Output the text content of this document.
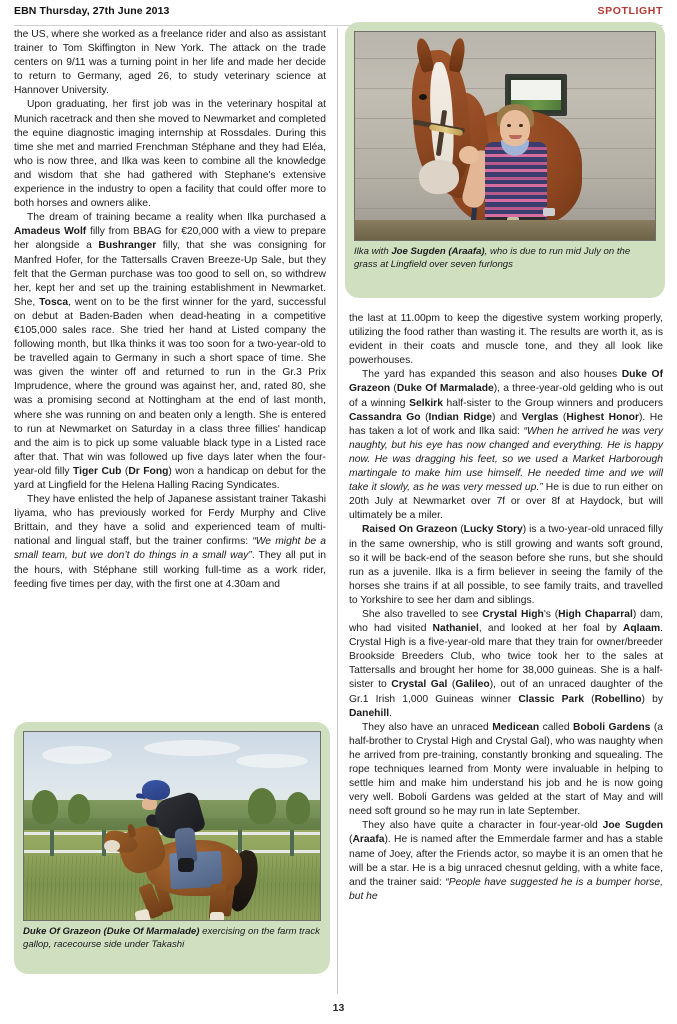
EBN Thursday, 27th June 2013	SPOTLIGHT

the US, where she worked as a freelance rider and also as assistant trainer to Tom Skiffington in New York. The attack on the trade centers on 9/11 was a turning point in her life and made her decide to return to Germany, aged 26, to study veterinary science at Hannover University.

Upon graduating, her first job was in the veterinary hospital at Munich racetrack and then she moved to Newmarket and completed the equine diagnostic imaging internship at Rossdales. During this time she met and married Frenchman Stéphane and they had Eléa, who is now three, and Ilka was keen to combine all the knowledge and wisdom that she had gathered with Stephane's extensive experience in the industry to open a facility that could offer more to both horses and owners alike.

The dream of training became a reality when Ilka purchased a Amadeus Wolf filly from BBAG for €20,000 with a view to prepare her alongside a Bushranger filly, that she was consigning for Manfred Hofer, for the Tattersalls Craven Breeze-Up Sale, but they felt that the German purchase was too good to sell on, so withdrew her, kept her and set up the training establishment in Newmarket. She, Tosca, went on to be the first winner for the yard, successful on debut at Baden-Baden when dead-heating in a competitive €105,000 sales race. She tried her hand at Listed company the following month, but Ilka thinks it was too soon for a two-year-old to be travelled again to Germany in such a short space of time. She was given the winter off and returned to run in the Gr.3 Prix Imprudence, where the ground was against her, and, rated 80, she was a promising second at Nottingham at the end of last month, where she was running on and beaten only a length. She is entered to run at Newmarket on Saturday in a class three fillies' handicap and the aim is to pick up some valuable black type in a Listed race after that. That win was followed up five days later when the four-year-old filly Tiger Cub (Dr Fong) won a handicap on debut for the yard at Lingfield for the Helena Halling Racing Syndicates.

They have enlisted the help of Japanese assistant trainer Takashi Iiyama, who has previously worked for Ferdy Murphy and Clive Brittain, and they have a solid and experienced team of multi-national and lingual staff, but the trainer confirms: “We might be a small team, but we don’t do things in a small way”. They all put in the hours, with Stéphane still working full-time as a work rider, feeding five times per day, with the first one at 4.30am and

the last at 11.00pm to keep the digestive system working properly, utilizing the food rather than wasting it. The results are worth it, as is evident in their coats and muscle tone, and they all look like powerhouses.

The yard has expanded this season and also houses Duke Of Grazeon (Duke Of Marmalade), a three-year-old gelding who is out of a winning Selkirk half-sister to the Group winners and producers Cassandra Go (Indian Ridge) and Verglas (Highest Honor). He has taken a lot of work and Ilka said: “When he arrived he was very naughty, but his eye has now changed and everything. He is happy now. He was dragging his feet, so we used a Market Harborough martingale to make him use himself. He needed time and we will take it slowly, as he was very messed up.” He is due to run either on 20th July at Newmarket over 7f or over 8f at Haydock, but will ultimately be a miler.

Raised On Grazeon (Lucky Story) is a two-year-old unraced filly in the same ownership, who is still growing and wants soft ground, so it will be back-end of the season before she runs, but she should run as a juvenile. Ilka is a firm believer in seeing the family of the horses she trains if at all possible, to see family traits, and travelled to Yorkshire to see her dam and siblings.

She also travelled to see Crystal High's (High Chaparral) dam, who had visited Nathaniel, and looked at her foal by Aqlaam. Crystal High is a five-year-old mare that they train for owner/breeder Brookside Breeders Club, who twice took her to the sales at Tattersalls and brought her home for 38,000 guineas. She is a half-sister to Crystal Gal (Galileo), out of an unraced daughter of the Gr.1 Irish 1,000 Guineas winner Classic Park (Robellino) by Danehill.

They also have an unraced Medicean called Boboli Gardens (a half-brother to Crystal High and Crystal Gal), who was naughty when he arrived from pre-training, constantly bronking and squealing. The rope techniques learned from Monty were invaluable in helping to settle him and make him understand his job and he is now going very well. Boboli Gardens was gelded at the start of May and will need soft ground so he may run in late September.

They also have quite a character in four-year-old Joe Sugden (Araafa). He is named after the Emmerdale farmer and has a stable name of Joey, after the Friends actor, so maybe it is an omen that he will be a star. He is a big unraced chesnut gelding, with a white face, and the trainer said: “People have suggested he is a bumper horse, but he

Ilka with Joe Sugden (Araafa), who is due to run mid July on the grass at Lingfield over seven furlongs
Duke Of Grazeon (Duke Of Marmalade) exercising on the farm track gallop, racecourse side under Takashi
13
